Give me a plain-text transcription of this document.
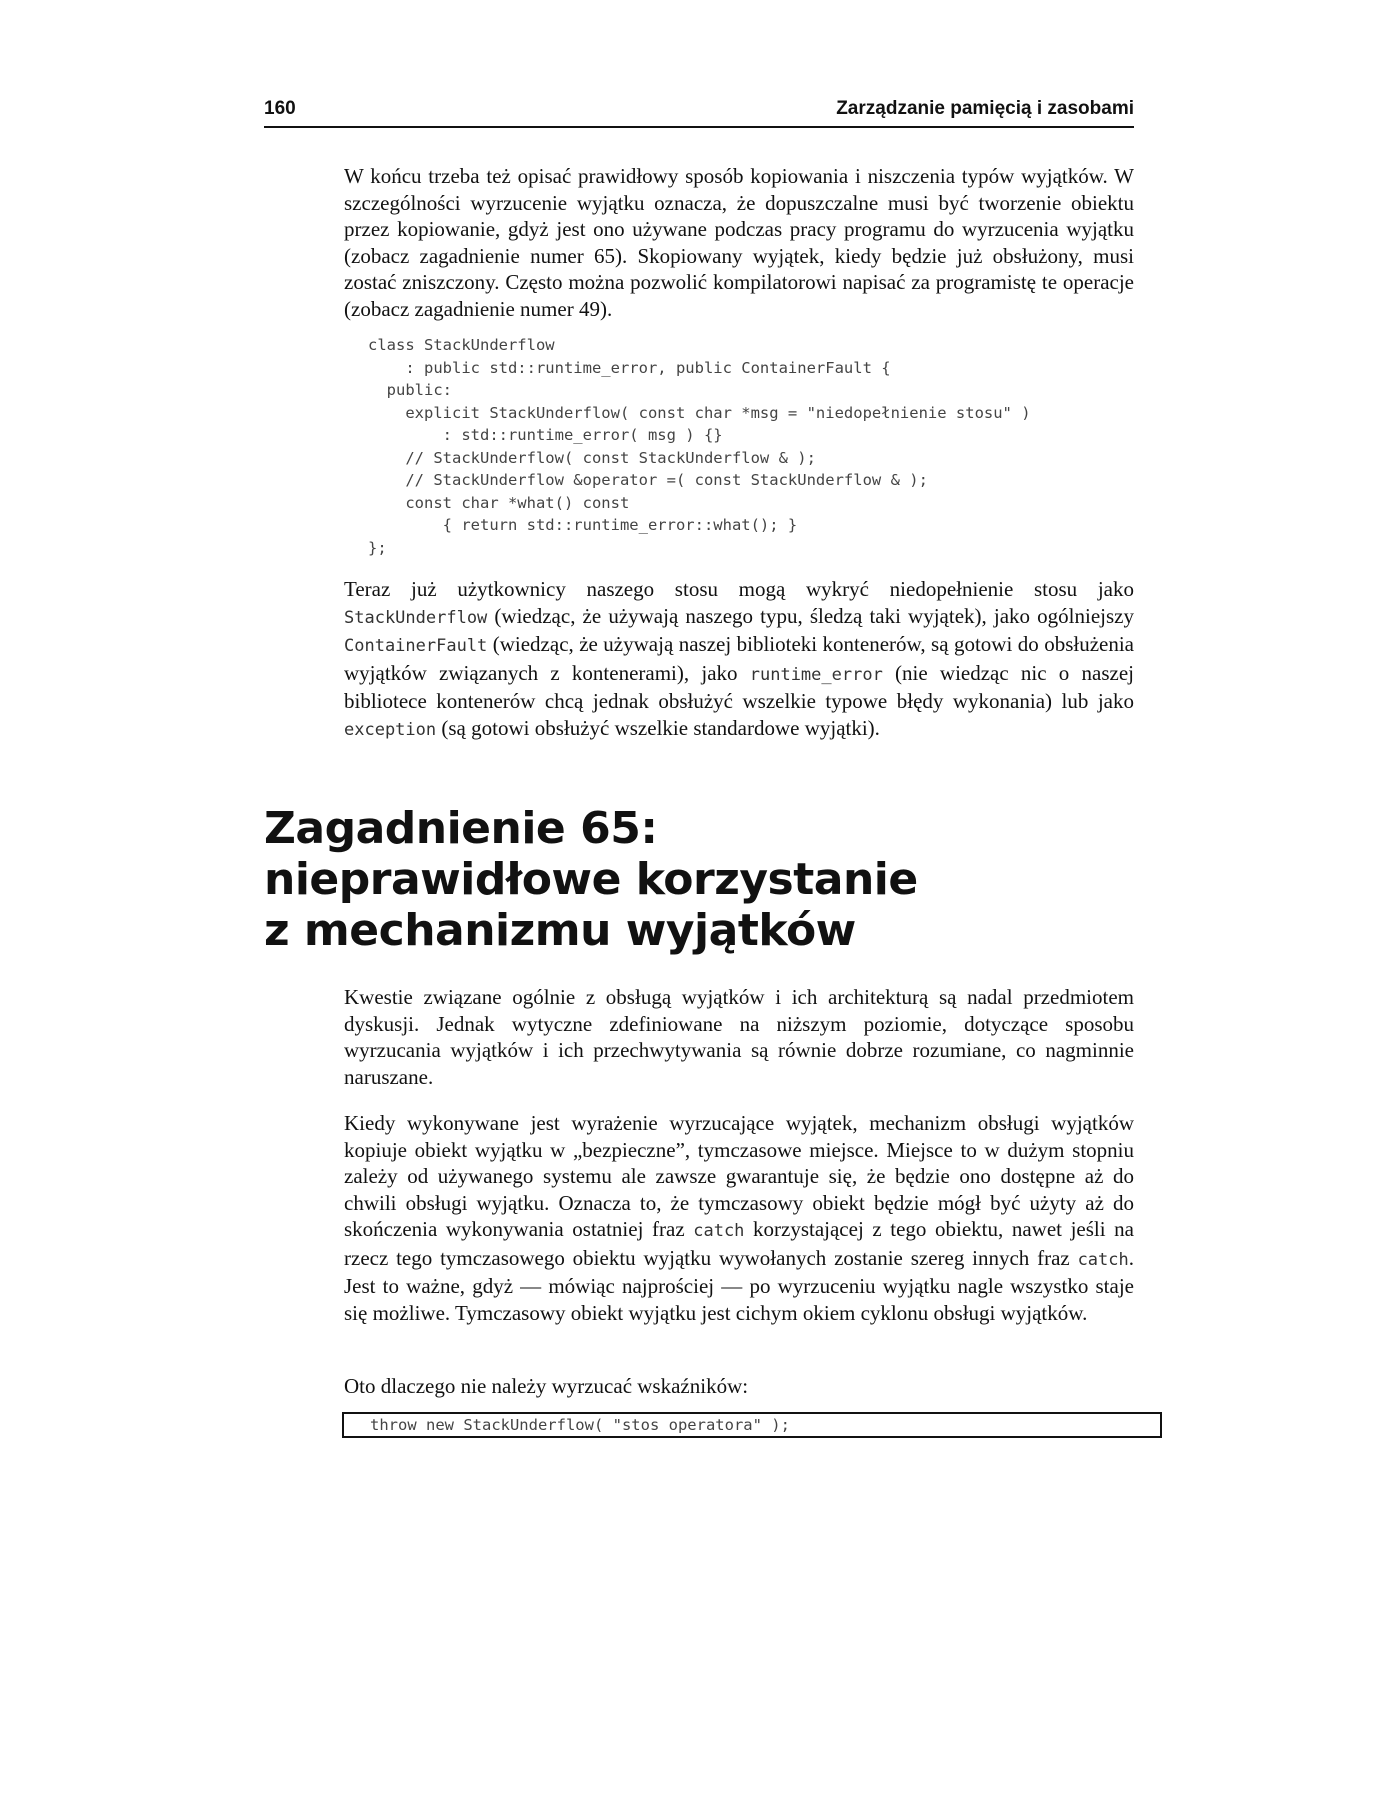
160	Zarządzanie pamięcią i zasobami

W końcu trzeba też opisać prawidłowy sposób kopiowania i niszczenia typów wyjątków. W szczególności wyrzucenie wyjątku oznacza, że dopuszczalne musi być tworzenie obiektu przez kopiowanie, gdyż jest ono używane podczas pracy programu do wyrzucenia wyjątku (zobacz zagadnienie numer 65). Skopiowany wyjątek, kiedy będzie już obsłużony, musi zostać zniszczony. Często można pozwolić kompilatorowi napisać za programistę te operacje (zobacz zagadnienie numer 49).

class StackUnderflow
: public std::runtime_error, public ContainerFault {
public:
explicit StackUnderflow( const char *msg = "niedopełnienie stosu" )
: std::runtime_error( msg ) {}
// StackUnderflow( const StackUnderflow & );
// StackUnderflow &operator =( const StackUnderflow & );
const char *what() const
{ return std::runtime_error::what(); }
};

Teraz już użytkownicy naszego stosu mogą wykryć niedopełnienie stosu jako StackUnderflow (wiedząc, że używają naszego typu, śledzą taki wyjątek), jako ogólniejszy ContainerFault (wiedząc, że używają naszej biblioteki kontenerów, są gotowi do obsłużenia wyjątków związanych z kontenerami), jako runtime_error (nie wiedząc nic o naszej bibliotece kontenerów chcą jednak obsłużyć wszelkie typowe błędy wykonania) lub jako exception (są gotowi obsłużyć wszelkie standardowe wyjątki).

Zagadnienie 65:
nieprawidłowe korzystanie
z mechanizmu wyjątków

Kwestie związane ogólnie z obsługą wyjątków i ich architekturą są nadal przedmiotem dyskusji. Jednak wytyczne zdefiniowane na niższym poziomie, dotyczące sposobu wyrzucania wyjątków i ich przechwytywania są równie dobrze rozumiane, co nagminnie naruszane.

Kiedy wykonywane jest wyrażenie wyrzucające wyjątek, mechanizm obsługi wyjątków kopiuje obiekt wyjątku w „bezpieczne”, tymczasowe miejsce. Miejsce to w dużym stopniu zależy od używanego systemu ale zawsze gwarantuje się, że będzie ono dostępne aż do chwili obsługi wyjątku. Oznacza to, że tymczasowy obiekt będzie mógł być użyty aż do skończenia wykonywania ostatniej fraz catch korzystającej z tego obiektu, nawet jeśli na rzecz tego tymczasowego obiektu wyjątku wywołanych zostanie szereg innych fraz catch. Jest to ważne, gdyż — mówiąc najprościej — po wyrzuceniu wyjątku nagle wszystko staje się możliwe. Tymczasowy obiekt wyjątku jest cichym okiem cyklonu obsługi wyjątków.

Oto dlaczego nie należy wyrzucać wskaźników:

throw new StackUnderflow( "stos operatora" );
